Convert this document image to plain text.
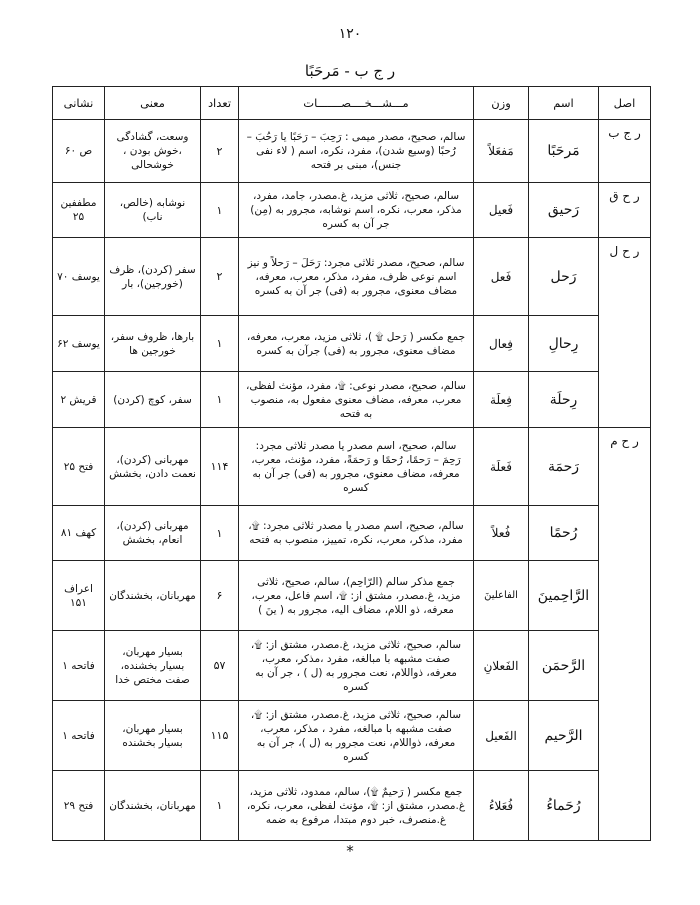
۱۲۰
ر ج ب - مَرحَبًا
اصل	اسم	وزن	مـــشـــخــــصـــــــات	تعداد	معنى	نشانى
ر ج ب	مَرحَبًا	مَفعَلاً	سالم، صحیح، مصدر میمی : رَحِبَ – رَحَبًا یا رَحُبَ – رُحبًا (وسیع شدن)، مفرد، نکره، اسم ( لاء نفی جنس)، مبنی بر فتحه	۲	وسعت، گشادگی ،خوش بودن ، خوشحالی	ص ۶۰
ر ح ق	رَحیق	فَعیل	سالم، صحیح، ثلاثی مزید، غ.مصدر، جامد، مفرد، مذکر، معرب، نکره، اسم نوشابه، مجرور به (مِن) جر آن به کسره	۱	نوشابه (خالص، ناب)	مطففین ۲۵
ر ح ل	رَحل	فَعل	سالم، صحیح، مصدر ثلاثی مجرد: رَحَلَ – رَحلاً و نیز اسم نوعی ظرف، مفرد، مذکر، معرب، معرفه، مضاف معنوی، مجرور به (فی) جر آن به کسره	۲	سفر (کردن)، ظرف (خورجین)، بار	یوسف ۷۰
	رِحالِ	فِعال	جمع مکسر ( رَحل ۩ )، ثلاثی مزید، معرب، معرفه، مضاف معنوی، مجرور به (فی) جرآن به کسره	۱	بارها، ظروف سفر، خورجین ها	یوسف ۶۲
	رِحلَة	فِعلَة	سالم، صحیح، مصدر نوعی: ۩، مفرد، مؤنث لفظی، معرب، معرفه، مضاف معنوی مفعول به، منصوب به فتحه	۱	سفر، کوچ (کردن)	قریش ۲
ر ح م	رَحمَة	فَعلَة	سالم، صحیح، اسم مصدر یا مصدر ثلاثی مجرد: رَحِمَ – رَحمًا، رُحمًا و رَحمَةً، مفرد، مؤنث، معرب، معرفه، مضاف معنوی، مجرور به (فی) جر آن به کسره	۱۱۴	مهربانی (کردن)، نعمت دادن، بخشش	فتح ۲۵
	رُحمًا	فُعلاً	سالم، صحیح، اسم مصدر یا مصدر ثلاثی مجرد: ۩، مفرد، مذکر، معرب، نکره، تمییز، منصوب به فتحه	۱	مهربانی (کردن)، انعام، بخشش	کهف ۸۱
	الرَّاحِمینَ	الفاعلینَ	جمع مذکر سالم (الرّاحِم)، سالم، صحیح، ثلاثی مزید، غ.مصدر، مشتق از: ۩، اسم فاعل، معرب، معرفه، ذو اللام، مضاف الیه، مجرور به ( ینَ )	۶	مهربانان، بخشندگان	اعراف ۱۵۱
	الرَّحمَن	الفَعلانِ	سالم، صحیح، ثلاثی مزید، غ.مصدر، مشتق از: ۩، صفت مشبهه با مبالغه، مفرد ،مذکر، معرب، معرفه، ذواللام، نعت مجرور به (ل ) ، جر آن به کسره	۵۷	بسیار مهربان، بسیار بخشنده، صفت مختص خدا	فاتحه ۱
	الرَّحیم	الفَعیل	سالم، صحیح، ثلاثی مزید، غ.مصدر، مشتق از: ۩، صفت مشبهه با مبالغه، مفرد ، مذکر، معرب، معرفه، ذواللام، نعت مجرور به (ل )، جر آن به کسره	۱۱۵	بسیار مهربان، بسیار بخشنده	فاتحه ۱
	رُحَماءُ	فُعَلاءُ	جمع مکسر ( رَحیمٌ ۩)، سالم، ممدود، ثلاثی مزید، غ.مصدر، مشتق از: ۩، مؤنث لفظی، معرب، نکره، غ.منصرف، خبر دوم مبتدا، مرفوع به ضمه	۱	مهربانان، بخشندگان	فتح ۲۹
*
